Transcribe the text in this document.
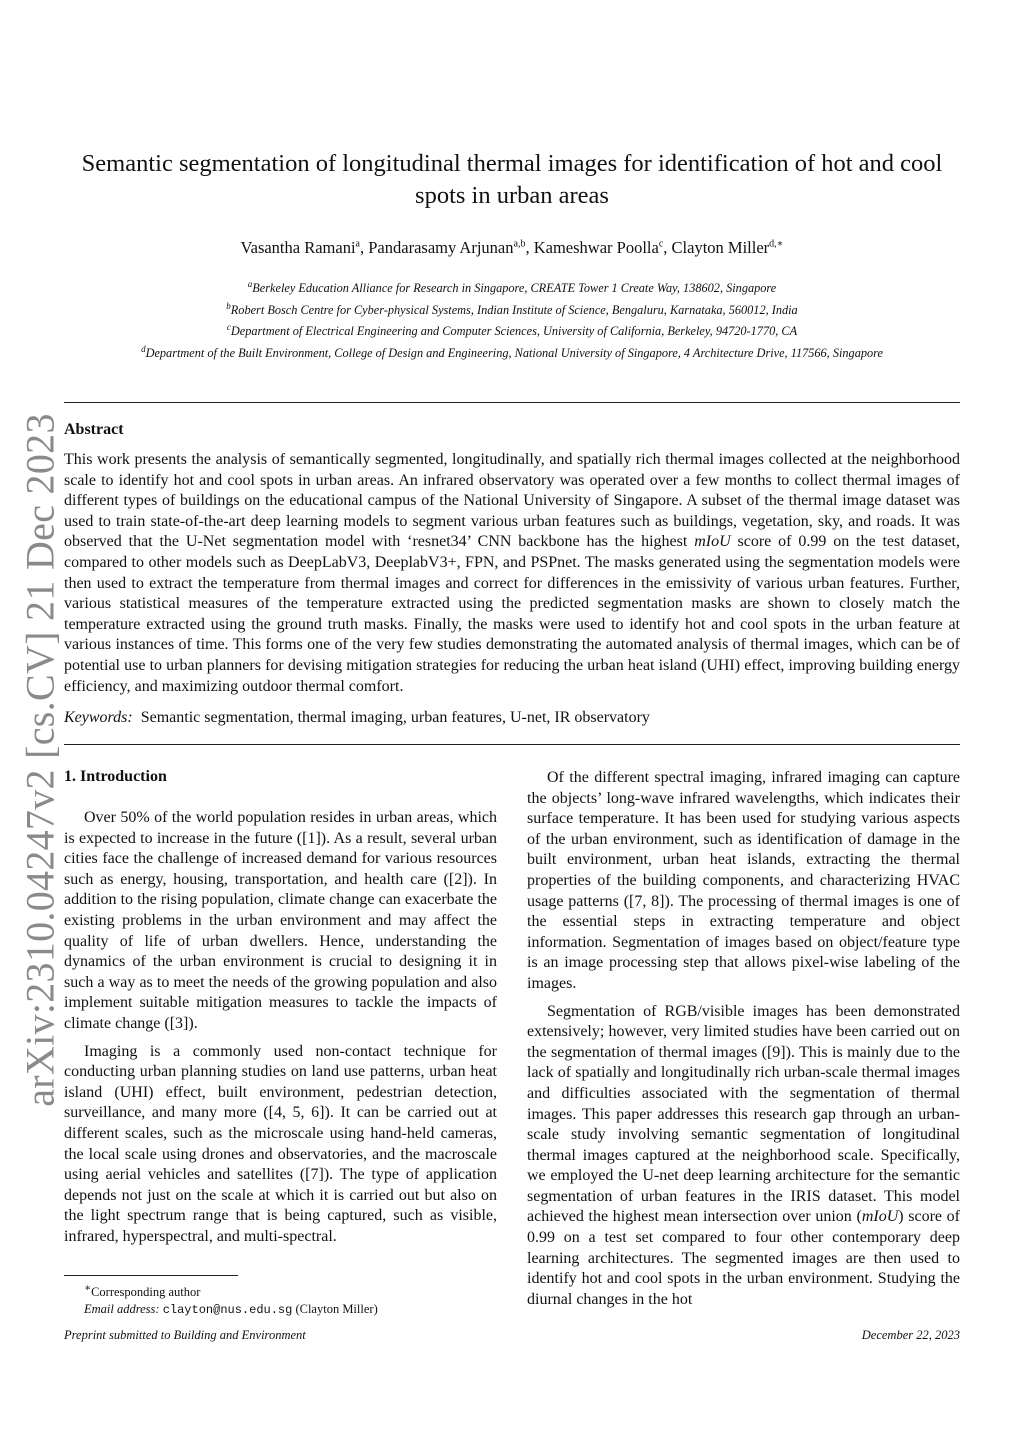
arXiv:2310.04247v2 [cs.CV] 21 Dec 2023
Semantic segmentation of longitudinal thermal images for identification of hot and cool spots in urban areas
Vasantha Ramani$^a$, Pandarasamy Arjunan$^{a,b}$, Kameshwar Poolla$^c$, Clayton Miller$^{d,∗}$
$^a$Berkeley Education Alliance for Research in Singapore, CREATE Tower 1 Create Way, 138602, Singapore
$^b$Robert Bosch Centre for Cyber-physical Systems, Indian Institute of Science, Bengaluru, Karnataka, 560012, India
$^c$Department of Electrical Engineering and Computer Sciences, University of California, Berkeley, 94720-1770, CA
$^d$Department of the Built Environment, College of Design and Engineering, National University of Singapore, 4 Architecture Drive, 117566, Singapore
Abstract
This work presents the analysis of semantically segmented, longitudinally, and spatially rich thermal images collected at the neighborhood scale to identify hot and cool spots in urban areas. An infrared observatory was operated over a few months to collect thermal images of different types of buildings on the educational campus of the National University of Singapore. A subset of the thermal image dataset was used to train state-of-the-art deep learning models to segment various urban features such as buildings, vegetation, sky, and roads. It was observed that the U-Net segmentation model with ‘resnet34’ CNN backbone has the highest mIoU score of 0.99 on the test dataset, compared to other models such as DeepLabV3, DeeplabV3+, FPN, and PSPnet. The masks generated using the segmentation models were then used to extract the temperature from thermal images and correct for differences in the emissivity of various urban features. Further, various statistical measures of the temperature extracted using the predicted segmentation masks are shown to closely match the temperature extracted using the ground truth masks. Finally, the masks were used to identify hot and cool spots in the urban feature at various instances of time. This forms one of the very few studies demonstrating the automated analysis of thermal images, which can be of potential use to urban planners for devising mitigation strategies for reducing the urban heat island (UHI) effect, improving building energy efficiency, and maximizing outdoor thermal comfort.
Keywords: Semantic segmentation, thermal imaging, urban features, U-net, IR observatory
1. Introduction

Over 50% of the world population resides in urban areas, which is expected to increase in the future ([1]). As a result, several urban cities face the challenge of increased demand for various resources such as energy, housing, transportation, and health care ([2]). In addition to the rising population, climate change can exacerbate the existing problems in the urban environment and may affect the quality of life of urban dwellers. Hence, understanding the dynamics of the urban environment is crucial to designing it in such a way as to meet the needs of the growing population and also implement suitable mitigation measures to tackle the impacts of climate change ([3]).

Imaging is a commonly used non-contact technique for conducting urban planning studies on land use patterns, urban heat island (UHI) effect, built environment, pedestrian detection, surveillance, and many more ([4, 5, 6]). It can be carried out at different scales, such as the microscale using hand-held cameras, the local scale using drones and observatories, and the macroscale using aerial vehicles and satellites ([7]). The type of application depends not just on the scale at which it is carried out but also on the light spectrum range that is being captured, such as visible, infrared, hyperspectral, and multi-spectral.

Of the different spectral imaging, infrared imaging can capture the objects’ long-wave infrared wavelengths, which indicates their surface temperature. It has been used for studying various aspects of the urban environment, such as identification of damage in the built environment, urban heat islands, extracting the thermal properties of the building components, and characterizing HVAC usage patterns ([7, 8]). The processing of thermal images is one of the essential steps in extracting temperature and object information. Segmentation of images based on object/feature type is an image processing step that allows pixel-wise labeling of the images.

Segmentation of RGB/visible images has been demonstrated extensively; however, very limited studies have been carried out on the segmentation of thermal images ([9]). This is mainly due to the lack of spatially and longitudinally rich urban-scale thermal images and difficulties associated with the segmentation of thermal images. This paper addresses this research gap through an urban-scale study involving semantic segmentation of longitudinal thermal images captured at the neighborhood scale. Specifically, we employed the U-net deep learning architecture for the semantic segmentation of urban features in the IRIS dataset. This model achieved the highest mean intersection over union (mIoU) score of 0.99 on a test set compared to four other contemporary deep learning architectures. The segmented images are then used to identify hot and cool spots in the urban environment. Studying the diurnal changes in the hot

∗Corresponding author
Email address: clayton@nus.edu.sg (Clayton Miller)
Preprint submitted to Building and Environment	December 22, 2023
